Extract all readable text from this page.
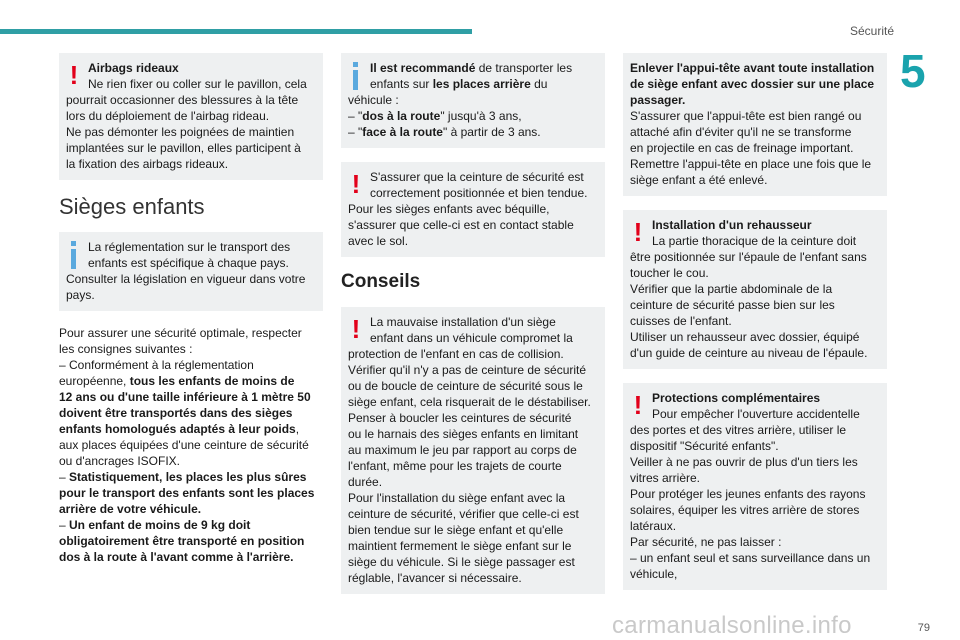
Sécurité
5
! Airbags rideaux

Ne rien fixer ou coller sur le pavillon, cela

pourrait occasionner des blessures à la tête

lors du déploiement de l'airbag rideau.

Ne pas démonter les poignées de maintien

implantées sur le pavillon, elles participent à

la fixation des airbags rideaux.

Sièges enfants

La réglementation sur le transport des

enfants est spécifique à chaque pays.

Consulter la législation en vigueur dans votre

pays.

Pour assurer une sécurité optimale, respecter

les consignes suivantes :

– Conformément à la réglementation

européenne, tous les enfants de moins de

12 ans ou d'une taille inférieure à 1 mètre 50

doivent être transportés dans des sièges

enfants homologués adaptés à leur poids,

aux places équipées d'une ceinture de sécurité

ou d'ancrages ISOFIX.

– Statistiquement, les places les plus sûres

pour le transport des enfants sont les places

arrière de votre véhicule.

– Un enfant de moins de 9 kg doit

obligatoirement être transporté en position

dos à la route à l'avant comme à l'arrière.

Il est recommandé de transporter les

enfants sur les places arrière du

véhicule :

– "dos à la route" jusqu'à 3 ans,

– "face à la route" à partir de 3 ans.

! S'assurer que la ceinture de sécurité est

correctement positionnée et bien tendue.

Pour les sièges enfants avec béquille,

s'assurer que celle-ci est en contact stable

avec le sol.

Conseils
! La mauvaise installation d'un siège

enfant dans un véhicule compromet la

protection de l'enfant en cas de collision.

Vérifier qu'il n'y a pas de ceinture de sécurité

ou de boucle de ceinture de sécurité sous le

siège enfant, cela risquerait de le déstabiliser.

Penser à boucler les ceintures de sécurité

ou le harnais des sièges enfants en limitant

au maximum le jeu par rapport au corps de

l'enfant, même pour les trajets de courte

durée.

Pour l'installation du siège enfant avec la

ceinture de sécurité, vérifier que celle-ci est

bien tendue sur le siège enfant et qu'elle

maintient fermement le siège enfant sur le

siège du véhicule. Si le siège passager est

réglable, l'avancer si nécessaire.

Enlever l'appui-tête avant toute installation

de siège enfant avec dossier sur une place

passager.

S'assurer que l'appui-tête est bien rangé ou

attaché afin d'éviter qu'il ne se transforme

en projectile en cas de freinage important.

Remettre l'appui-tête en place une fois que le

siège enfant a été enlevé.

! Installation d'un rehausseur

La partie thoracique de la ceinture doit

être positionnée sur l'épaule de l'enfant sans

toucher le cou.

Vérifier que la partie abdominale de la

ceinture de sécurité passe bien sur les

cuisses de l'enfant.

Utiliser un rehausseur avec dossier, équipé

d'un guide de ceinture au niveau de l'épaule.

! Protections complémentaires

Pour empêcher l'ouverture accidentelle

des portes et des vitres arrière, utiliser le

dispositif "Sécurité enfants".

Veiller à ne pas ouvrir de plus d'un tiers les

vitres arrière.

Pour protéger les jeunes enfants des rayons

solaires, équiper les vitres arrière de stores

latéraux.

Par sécurité, ne pas laisser :

– un enfant seul et sans surveillance dans un

véhicule,

carmanualsonline.info	79
